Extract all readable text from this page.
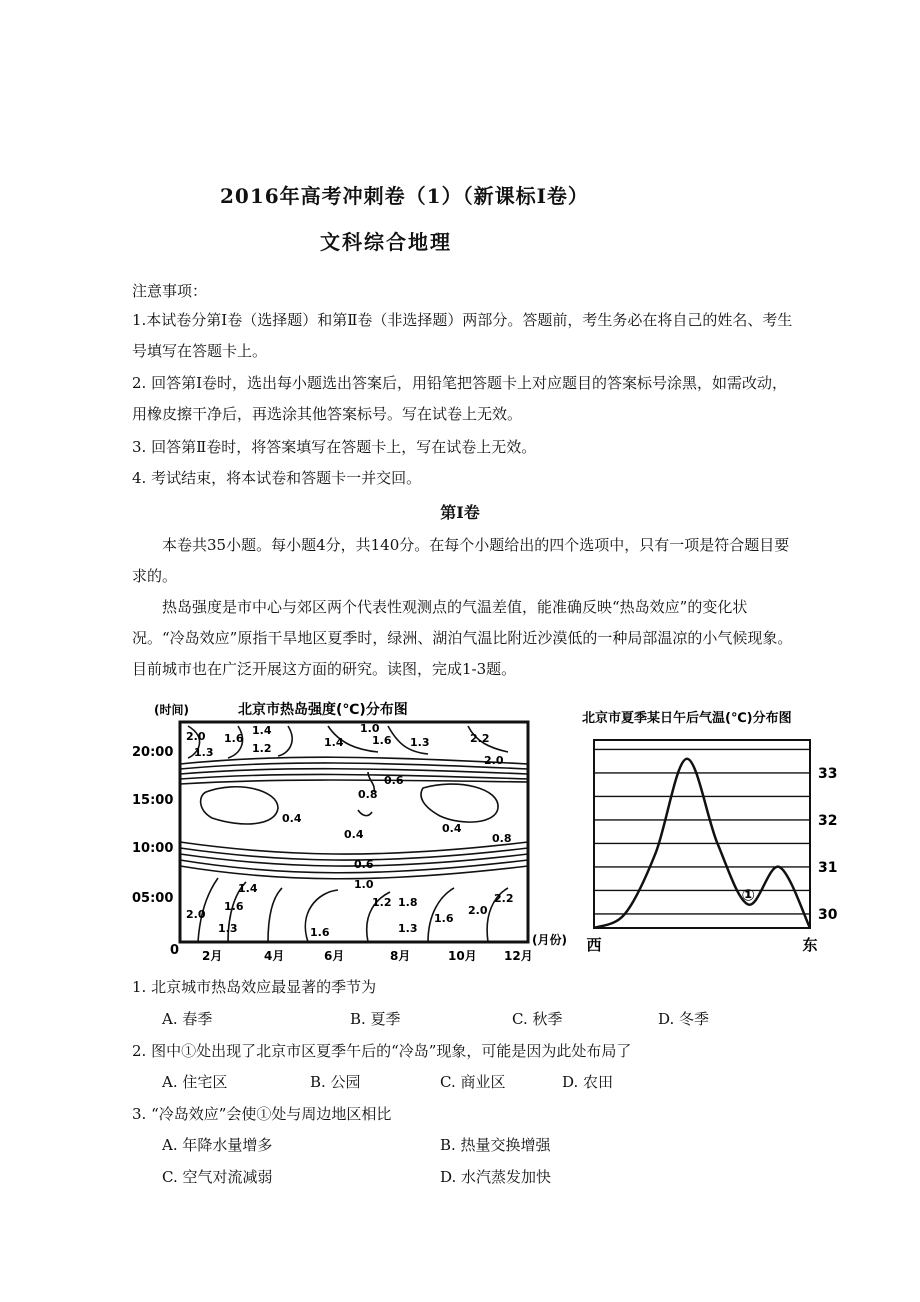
2016年高考冲刺卷（1）（新课标Ⅰ卷）
文科综合地理
注意事项：
1.本试卷分第Ⅰ卷（选择题）和第Ⅱ卷（非选择题）两部分。答题前，考生务必在将自己的姓名、考生号填写在答题卡上。
2. 回答第Ⅰ卷时，选出每小题选出答案后，用铅笔把答题卡上对应题目的答案标号涂黑，如需改动，用橡皮擦干净后，再选涂其他答案标号。写在试卷上无效。
3. 回答第Ⅱ卷时，将答案填写在答题卡上，写在试卷上无效。
4. 考试结束，将本试卷和答题卡一并交回。
第Ⅰ卷
本卷共35小题。每小题4分，共140分。在每个小题给出的四个选项中，只有一项是符合题目要求的。
热岛强度是市中心与郊区两个代表性观测点的气温差值，能准确反映“热岛效应”的变化状况。“冷岛效应”原指干旱地区夏季时，绿洲、湖泊气温比附近沙漠低的一种局部温凉的小气候现象。目前城市也在广泛开展这方面的研究。读图，完成1-3题。
(时间)	北京市热岛强度(℃)分布图
20:00
15:00
10:00
05:00
0 2月	4月	6月	8月	10月 12月
(月份)
2.0
1.3
1.6
1.4
1.2
1.0
1.4	1.6 1.3	2.2
2.0
0.8
0.6
0.4
0.4	0.4
0.8
0.6
1.0
1.2
1.4
1.6
1.3
2.0
1.6	1.3
1.6
1.8	2.2
2.0
北京市夏季某日午后气温(℃)分布图
33
32
31
30
①
西	东
1. 北京城市热岛效应最显著的季节为
A. 春季	B. 夏季	C. 秋季	D. 冬季
2. 图中①处出现了北京市区夏季午后的“冷岛”现象，可能是因为此处布局了
A. 住宅区	B. 公园	C. 商业区	D. 农田
3. “冷岛效应”会使①处与周边地区相比
A. 年降水量增多	B. 热量交换增强
C. 空气对流减弱	D. 水汽蒸发加快
